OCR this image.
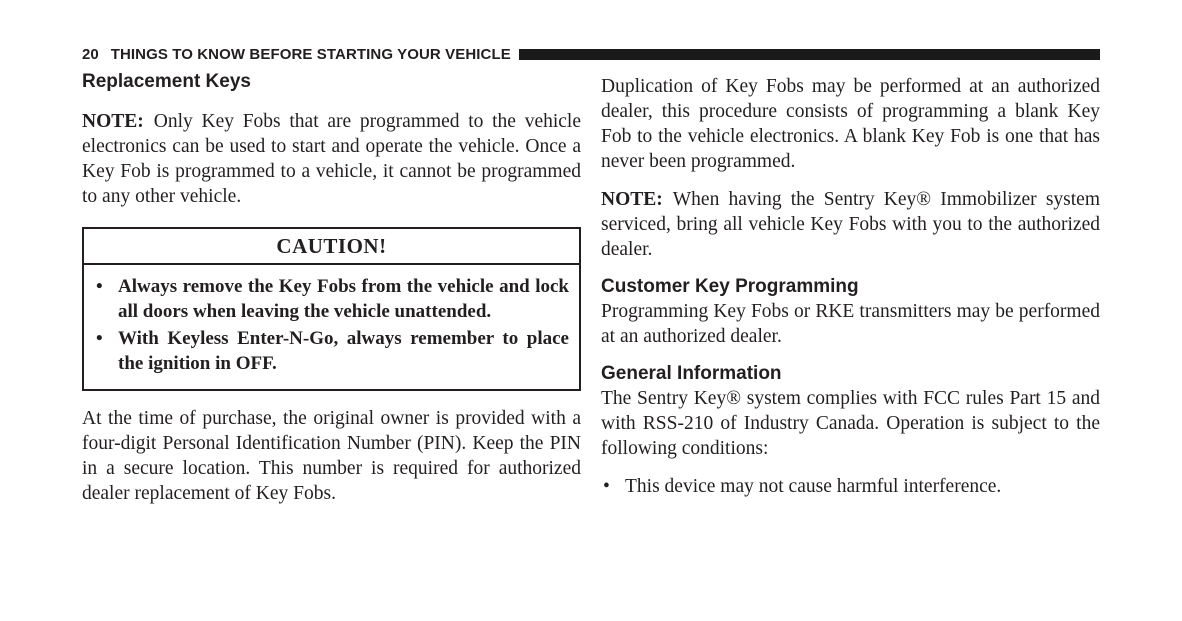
20 THINGS TO KNOW BEFORE STARTING YOUR VEHICLE
Replacement Keys

NOTE: Only Key Fobs that are programmed to the vehicle electronics can be used to start and operate the vehicle. Once a Key Fob is programmed to a vehicle, it cannot be programmed to any other vehicle.

CAUTION!
• Always remove the Key Fobs from the vehicle and lock all doors when leaving the vehicle unattended.
• With Keyless Enter-N-Go, always remember to place the ignition in OFF.

At the time of purchase, the original owner is provided with a four-digit Personal Identification Number (PIN). Keep the PIN in a secure location. This number is required for authorized dealer replacement of Key Fobs.

Duplication of Key Fobs may be performed at an authorized dealer, this procedure consists of programming a blank Key Fob to the vehicle electronics. A blank Key Fob is one that has never been programmed.

NOTE: When having the Sentry Key® Immobilizer system serviced, bring all vehicle Key Fobs with you to the authorized dealer.

Customer Key Programming

Programming Key Fobs or RKE transmitters may be performed at an authorized dealer.

General Information

The Sentry Key® system complies with FCC rules Part 15 and with RSS-210 of Industry Canada. Operation is subject to the following conditions:

• This device may not cause harmful interference.
